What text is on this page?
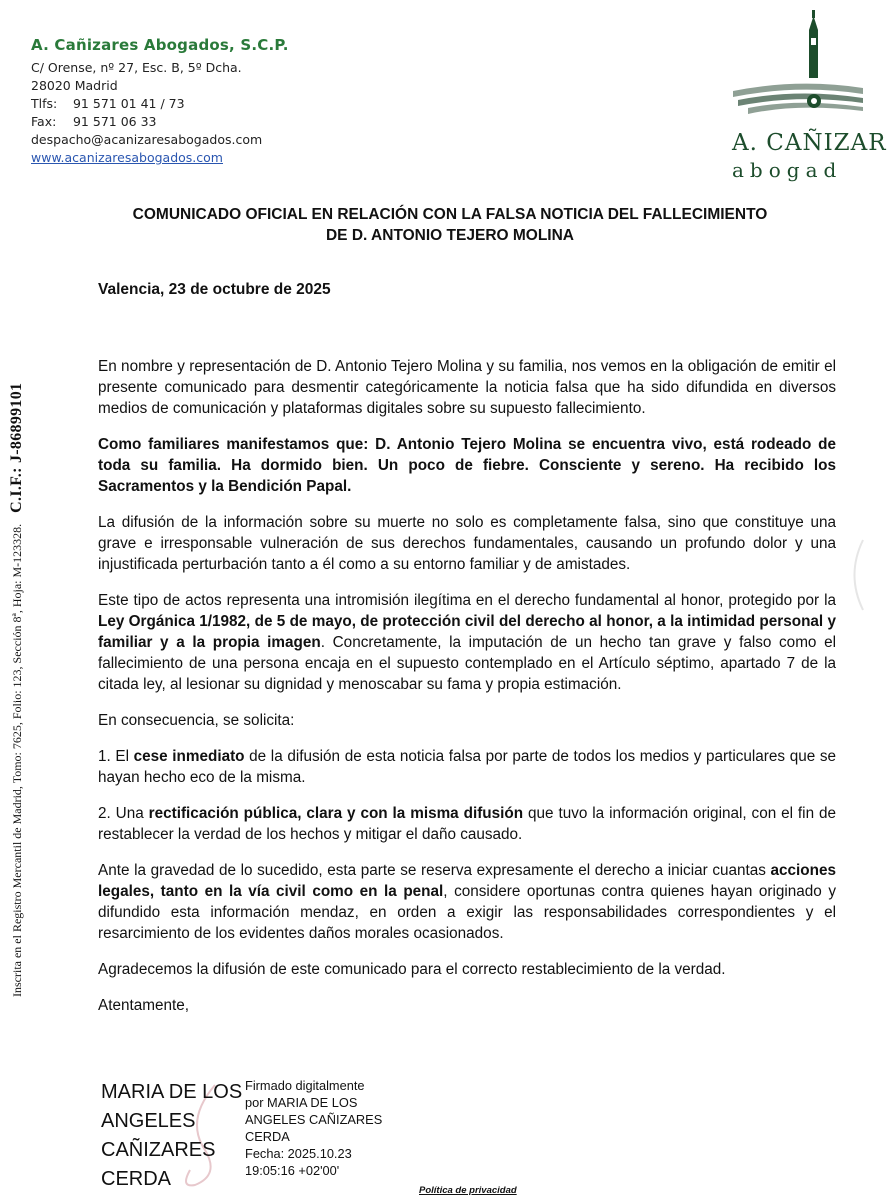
A. Cañizares Abogados, S.C.P.
C/ Orense, nº 27, Esc. B, 5º Dcha.
28020 Madrid
Tlfs: 91 571 01 41 / 73
Fax: 91 571 06 33
despacho@acanizaresabogados.com
www.acanizaresabogados.com
A. CAÑIZAR
abogad
Inscrita en el Registro Mercantil de Madrid, Tomo: 7625, Folio: 123, Sección 8ª, Hoja: M-123328. C.I.F.: J-86899101
COMUNICADO OFICIAL EN RELACIÓN CON LA FALSA NOTICIA DEL FALLECIMIENTO
DE D. ANTONIO TEJERO MOLINA
Valencia, 23 de octubre de 2025

En nombre y representación de D. Antonio Tejero Molina y su familia, nos vemos en la obligación de emitir el presente comunicado para desmentir categóricamente la noticia falsa que ha sido difundida en diversos medios de comunicación y plataformas digitales sobre su supuesto fallecimiento.

Como familiares manifestamos que: D. Antonio Tejero Molina se encuentra vivo, está rodeado de toda su familia. Ha dormido bien. Un poco de fiebre. Consciente y sereno. Ha recibido los Sacramentos y la Bendición Papal.

La difusión de la información sobre su muerte no solo es completamente falsa, sino que constituye una grave e irresponsable vulneración de sus derechos fundamentales, causando un profundo dolor y una injustificada perturbación tanto a él como a su entorno familiar y de amistades.

Este tipo de actos representa una intromisión ilegítima en el derecho fundamental al honor, protegido por la Ley Orgánica 1/1982, de 5 de mayo, de protección civil del derecho al honor, a la intimidad personal y familiar y a la propia imagen. Concretamente, la imputación de un hecho tan grave y falso como el fallecimiento de una persona encaja en el supuesto contemplado en el Artículo séptimo, apartado 7 de la citada ley, al lesionar su dignidad y menoscabar su fama y propia estimación.

En consecuencia, se solicita:

1. El cese inmediato de la difusión de esta noticia falsa por parte de todos los medios y particulares que se hayan hecho eco de la misma.

2. Una rectificación pública, clara y con la misma difusión que tuvo la información original, con el fin de restablecer la verdad de los hechos y mitigar el daño causado.

Ante la gravedad de lo sucedido, esta parte se reserva expresamente el derecho a iniciar cuantas acciones legales, tanto en la vía civil como en la penal, considere oportunas contra quienes hayan originado y difundido esta información mendaz, en orden a exigir las responsabilidades correspondientes y el resarcimiento de los evidentes daños morales ocasionados.

Agradecemos la difusión de este comunicado para el correcto restablecimiento de la verdad.

Atentamente,

MARIA DE LOS
ANGELES
CAÑIZARES
CERDA
Firmado digitalmente
por MARIA DE LOS
ANGELES CAÑIZARES
CERDA
Fecha: 2025.10.23
19:05:16 +02'00'
Política de privacidad
